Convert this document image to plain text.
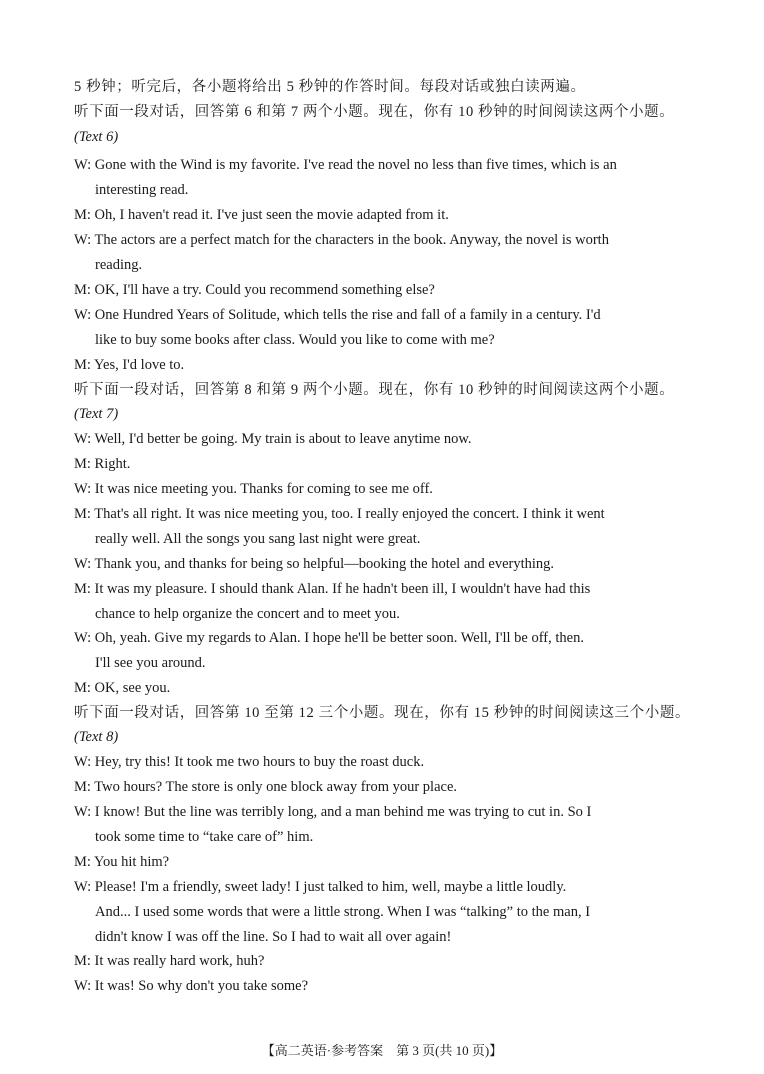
5 秒钟；听完后，各小题将给出 5 秒钟的作答时间。每段对话或独白读两遍。
听下面一段对话，回答第 6 和第 7 两个小题。现在，你有 10 秒钟的时间阅读这两个小题。
(Text 6)
W: Gone with the Wind is my favorite. I've read the novel no less than five times, which is an
interesting read.
M: Oh, I haven't read it. I've just seen the movie adapted from it.
W: The actors are a perfect match for the characters in the book. Anyway, the novel is worth
reading.
M: OK, I'll have a try. Could you recommend something else?
W: One Hundred Years of Solitude, which tells the rise and fall of a family in a century. I'd
like to buy some books after class. Would you like to come with me?
M: Yes, I'd love to.
听下面一段对话，回答第 8 和第 9 两个小题。现在，你有 10 秒钟的时间阅读这两个小题。
(Text 7)
W: Well, I'd better be going. My train is about to leave anytime now.
M: Right.
W: It was nice meeting you. Thanks for coming to see me off.
M: That's all right. It was nice meeting you, too. I really enjoyed the concert. I think it went
really well. All the songs you sang last night were great.
W: Thank you, and thanks for being so helpful—booking the hotel and everything.
M: It was my pleasure. I should thank Alan. If he hadn't been ill, I wouldn't have had this
chance to help organize the concert and to meet you.
W: Oh, yeah. Give my regards to Alan. I hope he'll be better soon. Well, I'll be off, then.
I'll see you around.
M: OK, see you.
听下面一段对话，回答第 10 至第 12 三个小题。现在，你有 15 秒钟的时间阅读这三个小题。
(Text 8)
W: Hey, try this! It took me two hours to buy the roast duck.
M: Two hours? The store is only one block away from your place.
W: I know! But the line was terribly long, and a man behind me was trying to cut in. So I
took some time to “take care of” him.
M: You hit him?
W: Please! I'm a friendly, sweet lady! I just talked to him, well, maybe a little loudly.
And... I used some words that were a little strong. When I was “talking” to the man, I
didn't know I was off the line. So I had to wait all over again!
M: It was really hard work, huh?
W: It was! So why don't you take some?
【高二英语·参考答案　第 3 页(共 10 页)】
